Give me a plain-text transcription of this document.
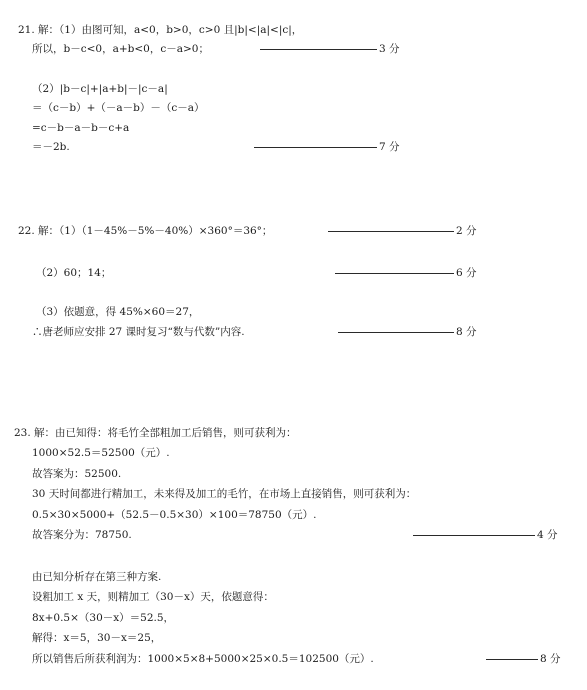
21. 解：（1）由图可知，a<0，b>0，c>0 且|b|<|a|<|c|，
所以，b－c<0，a+b<0，c－a>0；	3 分
（2）|b－c|+|a+b|－|c－a|
＝（c－b）+（－a－b）－（c－a）
=c－b－a－b－c+a
＝－2b.	7 分
22. 解：（1）（1－45%－5%－40%）×360°＝36°；	2 分
（2）60；14；	6 分
（3）依题意，得 45%×60＝27，
∴唐老师应安排 27 课时复习“数与代数”内容.	8 分
23. 解：由已知得：将毛竹全部粗加工后销售，则可获利为：
1000×52.5＝52500（元）.
故答案为：52500.
30 天时间都进行精加工，未来得及加工的毛竹，在市场上直接销售，则可获利为：
0.5×30×5000+（52.5－0.5×30）×100＝78750（元）.
故答案分为：78750.	4 分
由已知分析存在第三种方案.
设粗加工 x 天，则精加工（30－x）天，依题意得：
8x+0.5×（30－x）＝52.5，
解得：x＝5，30－x＝25，
所以销售后所获利润为：1000×5×8+5000×25×0.5＝102500（元）.	8 分
